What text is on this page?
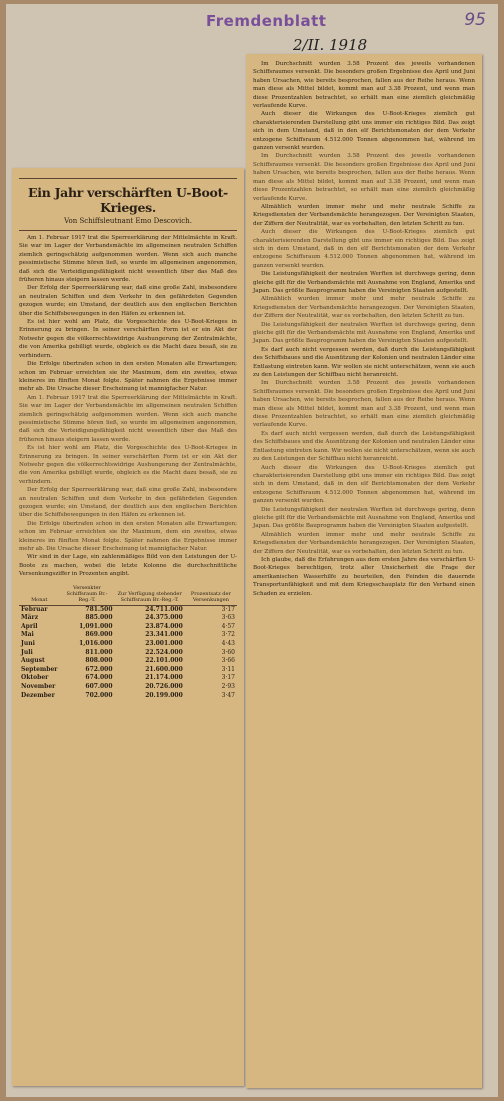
Fremdenblatt	95
2/II. 1918
Ein Jahr verschärften U-Boot-Krieges.
Von Schiffsleutnant Emo Descovich.

Am 1. Februar 1917 trat die Sperreerklärung der Mittelmächte in Kraft. Sie war im Lager der Verbandsmächte im allgemeinen neutralen Schiffen ziemlich geringschätzig aufgenommen worden. Wenn sich auch manche pessimistische Stimme hören ließ, so wurde im allgemeinen angenommen, daß sich die Verteidigungsfähigkeit nicht wesentlich über das Maß des früheren hinaus steigern lassen werde.

Der Erfolg der Sperreerklärung war, daß eine große Zahl, insbesondere an neutralen Schiffen und dem Verkehr in den gefährdeten Gegenden gezogen wurde; ein Umstand, der deutlich aus den englischen Berichten über die Schiffsbewegungen in den Häfen zu erkennen ist.

Es ist hier wohl am Platz, die Vorgeschichte des U-Boot-Krieges in Erinnerung zu bringen. In seiner verschärften Form ist er ein Akt der Notwehr gegen die völkerrechtswidrige Aushungerung der Zentralmächte, die von Amerika gebilligt wurde, obgleich es die Macht dazu besaß, sie zu verhindern.

Die Erfolge übertrafen schon in den ersten Monaten alle Erwartungen; schon im Februar erreichten sie ihr Maximum, dem ein zweites, etwas kleineres im fünften Monat folgte. Später nahmen die Ergebnisse immer mehr ab. Die Ursache dieser Erscheinung ist mannigfacher Natur.

Am 1. Februar 1917 trat die Sperreerklärung der Mittelmächte in Kraft. Sie war im Lager der Verbandsmächte im allgemeinen neutralen Schiffen ziemlich geringschätzig aufgenommen worden. Wenn sich auch manche pessimistische Stimme hören ließ, so wurde im allgemeinen angenommen, daß sich die Verteidigungsfähigkeit nicht wesentlich über das Maß des früheren hinaus steigern lassen werde.

Es ist hier wohl am Platz, die Vorgeschichte des U-Boot-Krieges in Erinnerung zu bringen. In seiner verschärften Form ist er ein Akt der Notwehr gegen die völkerrechtswidrige Aushungerung der Zentralmächte, die von Amerika gebilligt wurde, obgleich es die Macht dazu besaß, sie zu verhindern.

Der Erfolg der Sperreerklärung war, daß eine große Zahl, insbesondere an neutralen Schiffen und dem Verkehr in den gefährdeten Gegenden gezogen wurde; ein Umstand, der deutlich aus den englischen Berichten über die Schiffsbewegungen in den Häfen zu erkennen ist.

Die Erfolge übertrafen schon in den ersten Monaten alle Erwartungen; schon im Februar erreichten sie ihr Maximum, dem ein zweites, etwas kleineres im fünften Monat folgte. Später nahmen die Ergebnisse immer mehr ab. Die Ursache dieser Erscheinung ist mannigfacher Natur.

Wir sind in der Lage, ein zahlenmäßiges Bild von den Leistungen der U-Boote zu machen, wobei die letzte Kolonne die durchschnittliche Versenkungsziffer in Prozenten angibt.

Monat	Versenkter Schiffsraum Br.-Reg.-T.	Zur Verfügung stehender Schiffsraum Br.-Reg.-T.	Prozentsatz der Versenkungen
Februar	781.500	24.711.000	3·17
März	885.000	24.375.000	3·63
April	1,091.000	23.874.000	4·57
Mai	869.000	23.341.000	3·72
Juni	1,016.000	23.001.000	4·43
Juli	811.000	22.524.000	3·60
August	808.000	22.101.000	3·66
September	672.000	21.600.000	3·11
Oktober	674.000	21.174.000	3·17
November	607.000	20.726.000	2·93
Dezember	702.000	20.199.000	3·47

Im Durchschnitt wurden 3.58 Prozent des jeweils vorhandenen Schiffsraumes versenkt. Die besonders großen Ergebnisse des April und Juni haben Ursachen, wie bereits besprochen, fallen aus der Reihe heraus. Wenn man diese als Mittel bildet, kommt man auf 3.38 Prozent, und wenn man diese Prozentzahlen betrachtet, so erhält man eine ziemlich gleichmäßig verlaufende Kurve.

Auch dieser die Wirkungen des U-Boot-Krieges ziemlich gut charakterisierenden Darstellung gibt uns immer ein richtiges Bild. Das zeigt sich in dem Umstand, daß in den elf Berichtsmonaten der dem Verkehr entzogene Schiffsraum 4.512.000 Tonnen abgenommen hat, während im ganzen versenkt wurden.

Im Durchschnitt wurden 3.58 Prozent des jeweils vorhandenen Schiffsraumes versenkt. Die besonders großen Ergebnisse des April und Juni haben Ursachen, wie bereits besprochen, fallen aus der Reihe heraus. Wenn man diese als Mittel bildet, kommt man auf 3.38 Prozent, und wenn man diese Prozentzahlen betrachtet, so erhält man eine ziemlich gleichmäßig verlaufende Kurve.

Allmählich wurden immer mehr und mehr neutrale Schiffe zu Kriegsdiensten der Verbandsmächte herangezogen. Der Vereinigten Staaten, der Ziffern der Neutralität, war es vorbehalten, den letzten Schritt zu tun.

Auch dieser die Wirkungen des U-Boot-Krieges ziemlich gut charakterisierenden Darstellung gibt uns immer ein richtiges Bild. Das zeigt sich in dem Umstand, daß in den elf Berichtsmonaten der dem Verkehr entzogene Schiffsraum 4.512.000 Tonnen abgenommen hat, während im ganzen versenkt wurden.

Die Leistungsfähigkeit der neutralen Werften ist durchwegs gering, denn gleiche gilt für die Verbandsmächte mit Ausnahme von England, Amerika und Japan. Das größte Bauprogramm haben die Vereinigten Staaten aufgestellt.

Allmählich wurden immer mehr und mehr neutrale Schiffe zu Kriegsdiensten der Verbandsmächte herangezogen. Der Vereinigten Staaten, der Ziffern der Neutralität, war es vorbehalten, den letzten Schritt zu tun.

Die Leistungsfähigkeit der neutralen Werften ist durchwegs gering, denn gleiche gilt für die Verbandsmächte mit Ausnahme von England, Amerika und Japan. Das größte Bauprogramm haben die Vereinigten Staaten aufgestellt.

Es darf auch nicht vergessen werden, daß durch die Leistungsfähigkeit des Schiffsbaues und die Ausnützung der Kolonien und neutralen Länder eine Entlastung eintreten kann. Wir wollen sie nicht unterschätzen, wenn sie auch zu den Leistungen der Schiffbau nicht heranreicht.

Im Durchschnitt wurden 3.58 Prozent des jeweils vorhandenen Schiffsraumes versenkt. Die besonders großen Ergebnisse des April und Juni haben Ursachen, wie bereits besprochen, fallen aus der Reihe heraus. Wenn man diese als Mittel bildet, kommt man auf 3.38 Prozent, und wenn man diese Prozentzahlen betrachtet, so erhält man eine ziemlich gleichmäßig verlaufende Kurve.

Es darf auch nicht vergessen werden, daß durch die Leistungsfähigkeit des Schiffsbaues und die Ausnützung der Kolonien und neutralen Länder eine Entlastung eintreten kann. Wir wollen sie nicht unterschätzen, wenn sie auch zu den Leistungen der Schiffbau nicht heranreicht.

Auch dieser die Wirkungen des U-Boot-Krieges ziemlich gut charakterisierenden Darstellung gibt uns immer ein richtiges Bild. Das zeigt sich in dem Umstand, daß in den elf Berichtsmonaten der dem Verkehr entzogene Schiffsraum 4.512.000 Tonnen abgenommen hat, während im ganzen versenkt wurden.

Die Leistungsfähigkeit der neutralen Werften ist durchwegs gering, denn gleiche gilt für die Verbandsmächte mit Ausnahme von England, Amerika und Japan. Das größte Bauprogramm haben die Vereinigten Staaten aufgestellt.

Allmählich wurden immer mehr und mehr neutrale Schiffe zu Kriegsdiensten der Verbandsmächte herangezogen. Der Vereinigten Staaten, der Ziffern der Neutralität, war es vorbehalten, den letzten Schritt zu tun.

Ich glaube, daß die Erfahrungen aus dem ersten Jahre des verschärften U-Boot-Krieges berechtigen, trotz aller Unsicherheit die Frage der amerikanischen Wasserhilfe zu beurteilen, den Feinden die dauernde Transportunfähigkeit und mit dem Kriegsschauplatz für den Verband einen Schaden zu erzielen.
